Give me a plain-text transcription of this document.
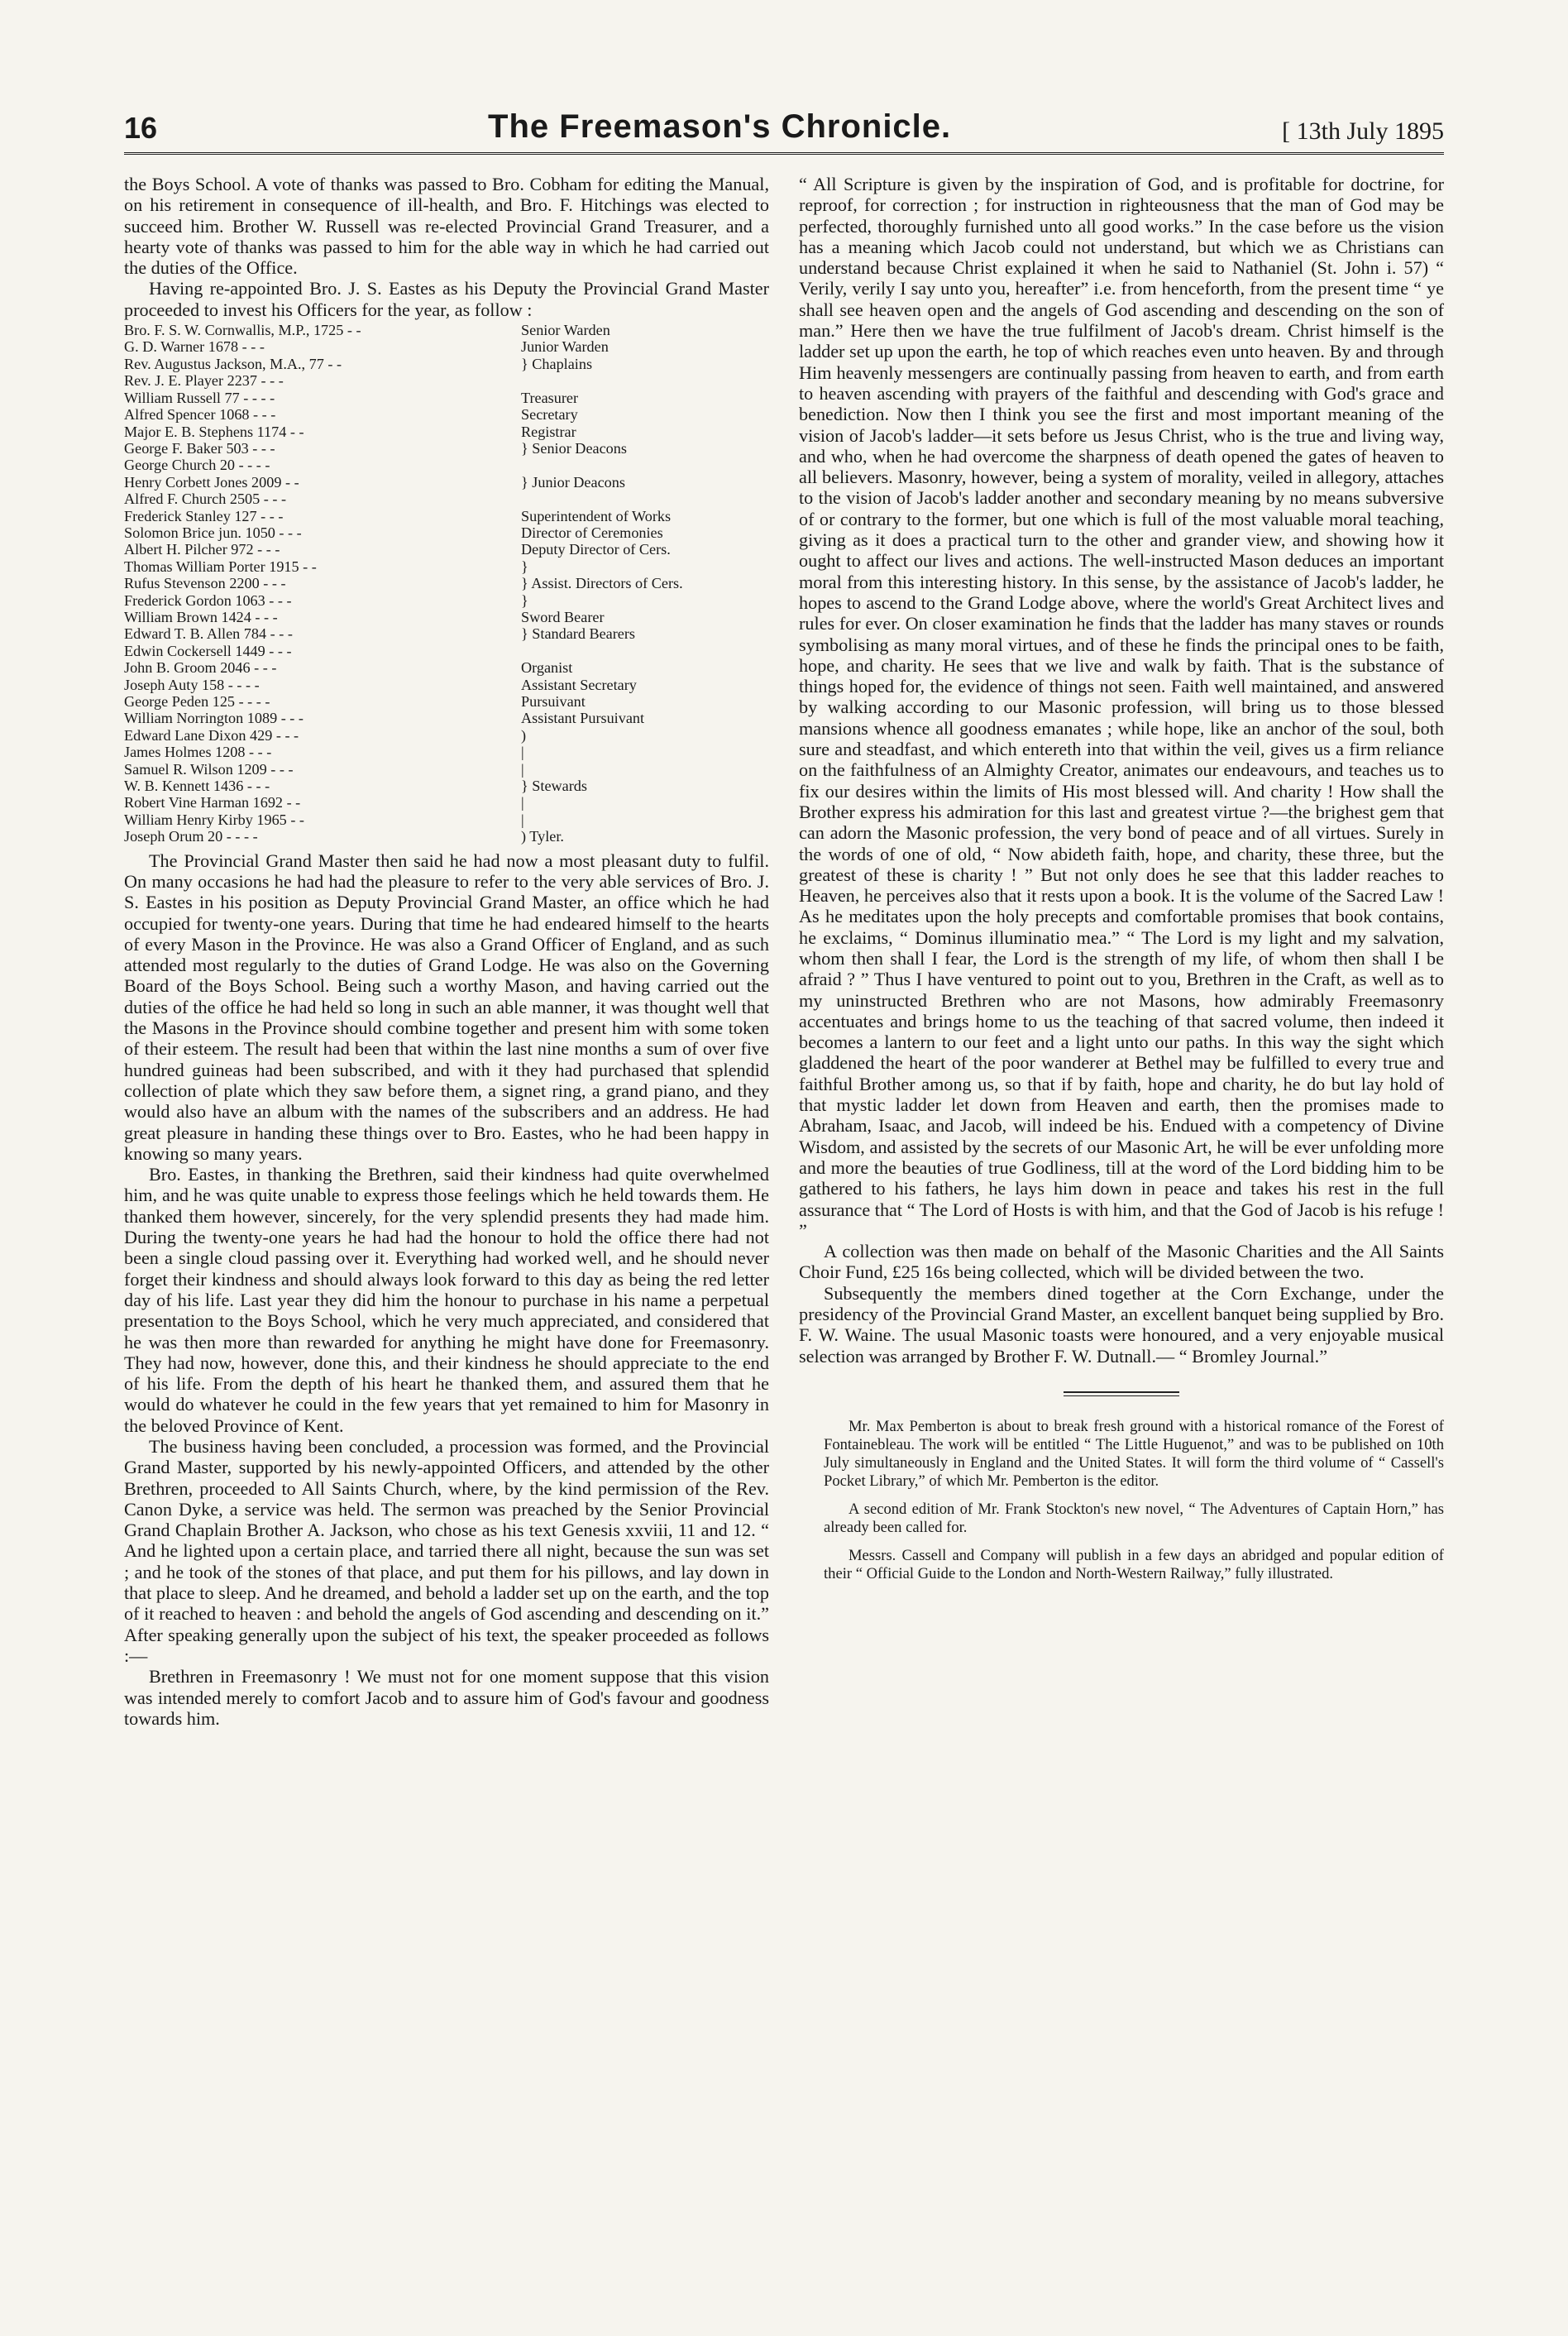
16	The Freemason's Chronicle.	[ 13th July 1895

the Boys School. A vote of thanks was passed to Bro. Cobham for editing the Manual, on his retirement in consequence of ill-health, and Bro. F. Hitchings was elected to succeed him. Brother W. Russell was re-elected Provincial Grand Treasurer, and a hearty vote of thanks was passed to him for the able way in which he had carried out the duties of the Office.

Having re-appointed Bro. J. S. Eastes as his Deputy the Provincial Grand Master proceeded to invest his Officers for the year, as follow :

Bro. F. S. W. Cornwallis, M.P., 1725 - -	Senior Warden
G. D. Warner 1678 - - -	Junior Warden
Rev. Augustus Jackson, M.A., 77 - -	} Chaplains
Rev. J. E. Player 2237 - - -
William Russell 77 - - - -	Treasurer
Alfred Spencer 1068 - - -	Secretary
Major E. B. Stephens 1174 - -	Registrar
George F. Baker 503 - - -	} Senior Deacons
George Church 20 - - - -
Henry Corbett Jones 2009 - -	} Junior Deacons
Alfred F. Church 2505 - - -
Frederick Stanley 127 - - -	Superintendent of Works
Solomon Brice jun. 1050 - - -	Director of Ceremonies
Albert H. Pilcher 972 - - -	Deputy Director of Cers.
Thomas William Porter 1915 - -	}
Rufus Stevenson 2200 - - -	} Assist. Directors of Cers.
Frederick Gordon 1063 - - -	}
William Brown 1424 - - -	Sword Bearer
Edward T. B. Allen 784 - - -	} Standard Bearers
Edwin Cockersell 1449 - - -
John B. Groom 2046 - - -	Organist
Joseph Auty 158 - - - -	Assistant Secretary
George Peden 125 - - - -	Pursuivant
William Norrington 1089 - - -	Assistant Pursuivant
Edward Lane Dixon 429 - - -	)
James Holmes 1208 - - -	|
Samuel R. Wilson 1209 - - -	|
W. B. Kennett 1436 - - -	} Stewards
Robert Vine Harman 1692 - -	|
William Henry Kirby 1965 - -	|
Joseph Orum 20 - - - -	) Tyler.

The Provincial Grand Master then said he had now a most pleasant duty to fulfil. On many occasions he had had the pleasure to refer to the very able services of Bro. J. S. Eastes in his position as Deputy Provincial Grand Master, an office which he had occupied for twenty-one years. During that time he had endeared himself to the hearts of every Mason in the Province. He was also a Grand Officer of England, and as such attended most regularly to the duties of Grand Lodge. He was also on the Governing Board of the Boys School. Being such a worthy Mason, and having carried out the duties of the office he had held so long in such an able manner, it was thought well that the Masons in the Province should combine together and present him with some token of their esteem. The result had been that within the last nine months a sum of over five hundred guineas had been subscribed, and with it they had purchased that splendid collection of plate which they saw before them, a signet ring, a grand piano, and they would also have an album with the names of the subscribers and an address. He had great pleasure in handing these things over to Bro. Eastes, who he had been happy in knowing so many years.

Bro. Eastes, in thanking the Brethren, said their kindness had quite overwhelmed him, and he was quite unable to express those feelings which he held towards them. He thanked them however, sincerely, for the very splendid presents they had made him. During the twenty-one years he had had the honour to hold the office there had not been a single cloud passing over it. Everything had worked well, and he should never forget their kindness and should always look forward to this day as being the red letter day of his life. Last year they did him the honour to purchase in his name a perpetual presentation to the Boys School, which he very much appreciated, and considered that he was then more than rewarded for anything he might have done for Freemasonry. They had now, however, done this, and their kindness he should appreciate to the end of his life. From the depth of his heart he thanked them, and assured them that he would do whatever he could in the few years that yet remained to him for Masonry in the beloved Province of Kent.

The business having been concluded, a procession was formed, and the Provincial Grand Master, supported by his newly-appointed Officers, and attended by the other Brethren, proceeded to All Saints Church, where, by the kind permission of the Rev. Canon Dyke, a service was held. The sermon was preached by the Senior Provincial Grand Chaplain Brother A. Jackson, who chose as his text Genesis xxviii, 11 and 12. “ And he lighted upon a certain place, and tarried there all night, because the sun was set ; and he took of the stones of that place, and put them for his pillows, and lay down in that place to sleep. And he dreamed, and behold a ladder set up on the earth, and the top of it reached to heaven : and behold the angels of God ascending and descending on it.” After speaking generally upon the subject of his text, the speaker proceeded as follows :—

Brethren in Freemasonry ! We must not for one moment suppose that this vision was intended merely to comfort Jacob and to assure him of God's favour and goodness towards him.

“ All Scripture is given by the inspiration of God, and is profitable for doctrine, for reproof, for correction ; for instruction in righteousness that the man of God may be perfected, thoroughly furnished unto all good works.” In the case before us the vision has a meaning which Jacob could not understand, but which we as Christians can understand because Christ explained it when he said to Nathaniel (St. John i. 57) “ Verily, verily I say unto you, hereafter” i.e. from henceforth, from the present time “ ye shall see heaven open and the angels of God ascending and descending on the son of man.” Here then we have the true fulfilment of Jacob's dream. Christ himself is the ladder set up upon the earth, he top of which reaches even unto heaven. By and through Him heavenly messengers are continually passing from heaven to earth, and from earth to heaven ascending with prayers of the faithful and descending with God's grace and benediction. Now then I think you see the first and most important meaning of the vision of Jacob's ladder—it sets before us Jesus Christ, who is the true and living way, and who, when he had overcome the sharpness of death opened the gates of heaven to all believers. Masonry, however, being a system of morality, veiled in allegory, attaches to the vision of Jacob's ladder another and secondary meaning by no means subversive of or contrary to the former, but one which is full of the most valuable moral teaching, giving as it does a practical turn to the other and grander view, and showing how it ought to affect our lives and actions. The well-instructed Mason deduces an important moral from this interesting history. In this sense, by the assistance of Jacob's ladder, he hopes to ascend to the Grand Lodge above, where the world's Great Architect lives and rules for ever. On closer examination he finds that the ladder has many staves or rounds symbolising as many moral virtues, and of these he finds the principal ones to be faith, hope, and charity. He sees that we live and walk by faith. That is the substance of things hoped for, the evidence of things not seen. Faith well maintained, and answered by walking according to our Masonic profession, will bring us to those blessed mansions whence all goodness emanates ; while hope, like an anchor of the soul, both sure and steadfast, and which entereth into that within the veil, gives us a firm reliance on the faithfulness of an Almighty Creator, animates our endeavours, and teaches us to fix our desires within the limits of His most blessed will. And charity ! How shall the Brother express his admiration for this last and greatest virtue ?—the brighest gem that can adorn the Masonic profession, the very bond of peace and of all virtues. Surely in the words of one of old, “ Now abideth faith, hope, and charity, these three, but the greatest of these is charity ! ” But not only does he see that this ladder reaches to Heaven, he perceives also that it rests upon a book. It is the volume of the Sacred Law ! As he meditates upon the holy precepts and comfortable promises that book contains, he exclaims, “ Dominus illuminatio mea.” “ The Lord is my light and my salvation, whom then shall I fear, the Lord is the strength of my life, of whom then shall I be afraid ? ” Thus I have ventured to point out to you, Brethren in the Craft, as well as to my uninstructed Brethren who are not Masons, how admirably Freemasonry accentuates and brings home to us the teaching of that sacred volume, then indeed it becomes a lantern to our feet and a light unto our paths. In this way the sight which gladdened the heart of the poor wanderer at Bethel may be fulfilled to every true and faithful Brother among us, so that if by faith, hope and charity, he do but lay hold of that mystic ladder let down from Heaven and earth, then the promises made to Abraham, Isaac, and Jacob, will indeed be his. Endued with a competency of Divine Wisdom, and assisted by the secrets of our Masonic Art, he will be ever unfolding more and more the beauties of true Godliness, till at the word of the Lord bidding him to be gathered to his fathers, he lays him down in peace and takes his rest in the full assurance that “ The Lord of Hosts is with him, and that the God of Jacob is his refuge ! ”

A collection was then made on behalf of the Masonic Charities and the All Saints Choir Fund, £25 16s being collected, which will be divided between the two.

Subsequently the members dined together at the Corn Exchange, under the presidency of the Provincial Grand Master, an excellent banquet being supplied by Bro. F. W. Waine. The usual Masonic toasts were honoured, and a very enjoyable musical selection was arranged by Brother F. W. Dutnall.— “ Bromley Journal.”

Mr. Max Pemberton is about to break fresh ground with a historical romance of the Forest of Fontainebleau. The work will be entitled “ The Little Huguenot,” and was to be published on 10th July simultaneously in England and the United States. It will form the third volume of “ Cassell's Pocket Library,” of which Mr. Pemberton is the editor.

A second edition of Mr. Frank Stockton's new novel, “ The Adventures of Captain Horn,” has already been called for.

Messrs. Cassell and Company will publish in a few days an abridged and popular edition of their “ Official Guide to the London and North-Western Railway,” fully illustrated.
